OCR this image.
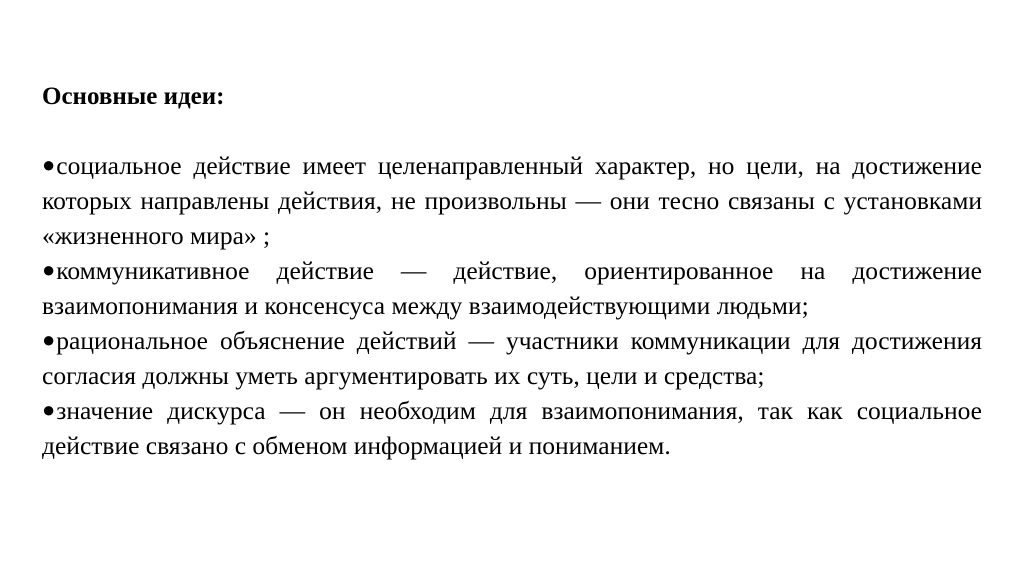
Основные идеи:

●социальное действие имеет целенаправленный характер, но цели, на достижение которых направлены действия, не произвольны — они тесно связаны с установками «жизненного мира» ;

●коммуникативное действие — действие, ориентированное на достижение взаимопонимания и консенсуса между взаимодействующими людьми;

●рациональное объяснение действий — участники коммуникации для достижения согласия должны уметь аргументировать их суть, цели и средства;

●значение дискурса — он необходим для взаимопонимания, так как социальное действие связано с обменом информацией и пониманием.
